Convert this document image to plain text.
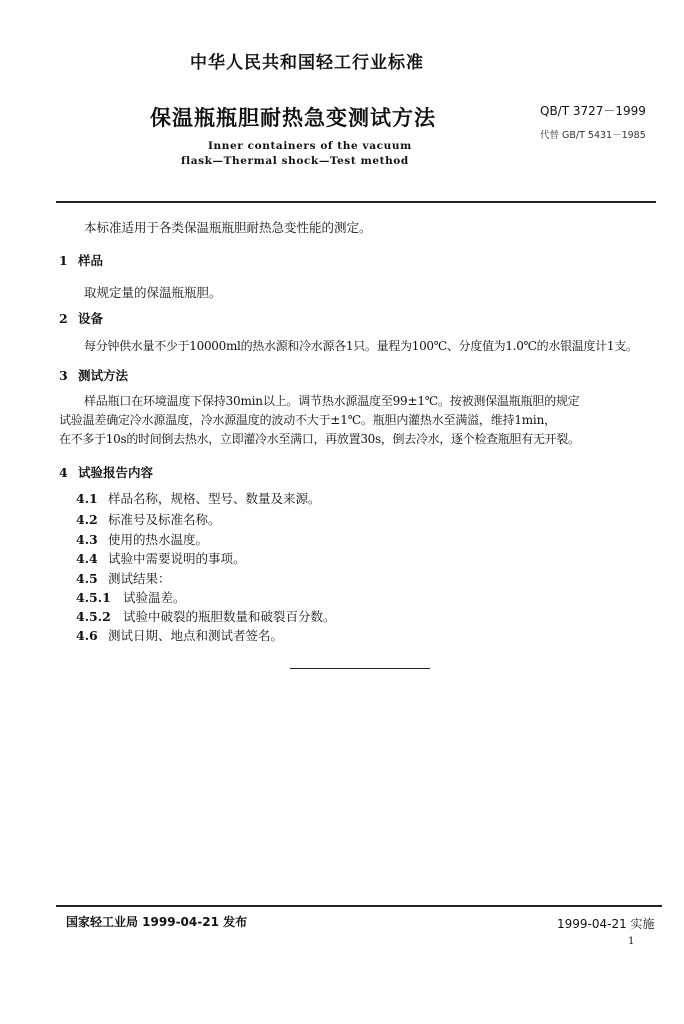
中华人民共和国轻工行业标准
保温瓶瓶胆耐热急变测试方法
Inner containers of the vacuum
flask—Thermal shock—Test method
QB/T 3727－1999
代替 GB/T 5431－1985
本标准适用于各类保温瓶瓶胆耐热急变性能的测定。
1 样品
取规定量的保温瓶瓶胆。
2 设备
每分钟供水量不少于10000ml的热水源和冷水源各1只。量程为100℃、分度值为1.0℃的水银温度计1支。
3 测试方法
样品瓶口在环境温度下保持30min以上。调节热水源温度至99±1℃。按被测保温瓶瓶胆的规定
试验温差确定冷水源温度，冷水源温度的波动不大于±1℃。瓶胆内灌热水至满溢，维持1min，
在不多于10s的时间倒去热水，立即灌冷水至满口，再放置30s，倒去冷水，逐个检查瓶胆有无开裂。
4 试验报告内容
4.1 样品名称，规格、型号、数量及来源。
4.2 标准号及标准名称。
4.3 使用的热水温度。
4.4 试验中需要说明的事项。
4.5 测试结果：
4.5.1 试验温差。
4.5.2 试验中破裂的瓶胆数量和破裂百分数。
4.6 测试日期、地点和测试者签名。
国家轻工业局 1999-04-21 发布	1999-04-21 实施
1
